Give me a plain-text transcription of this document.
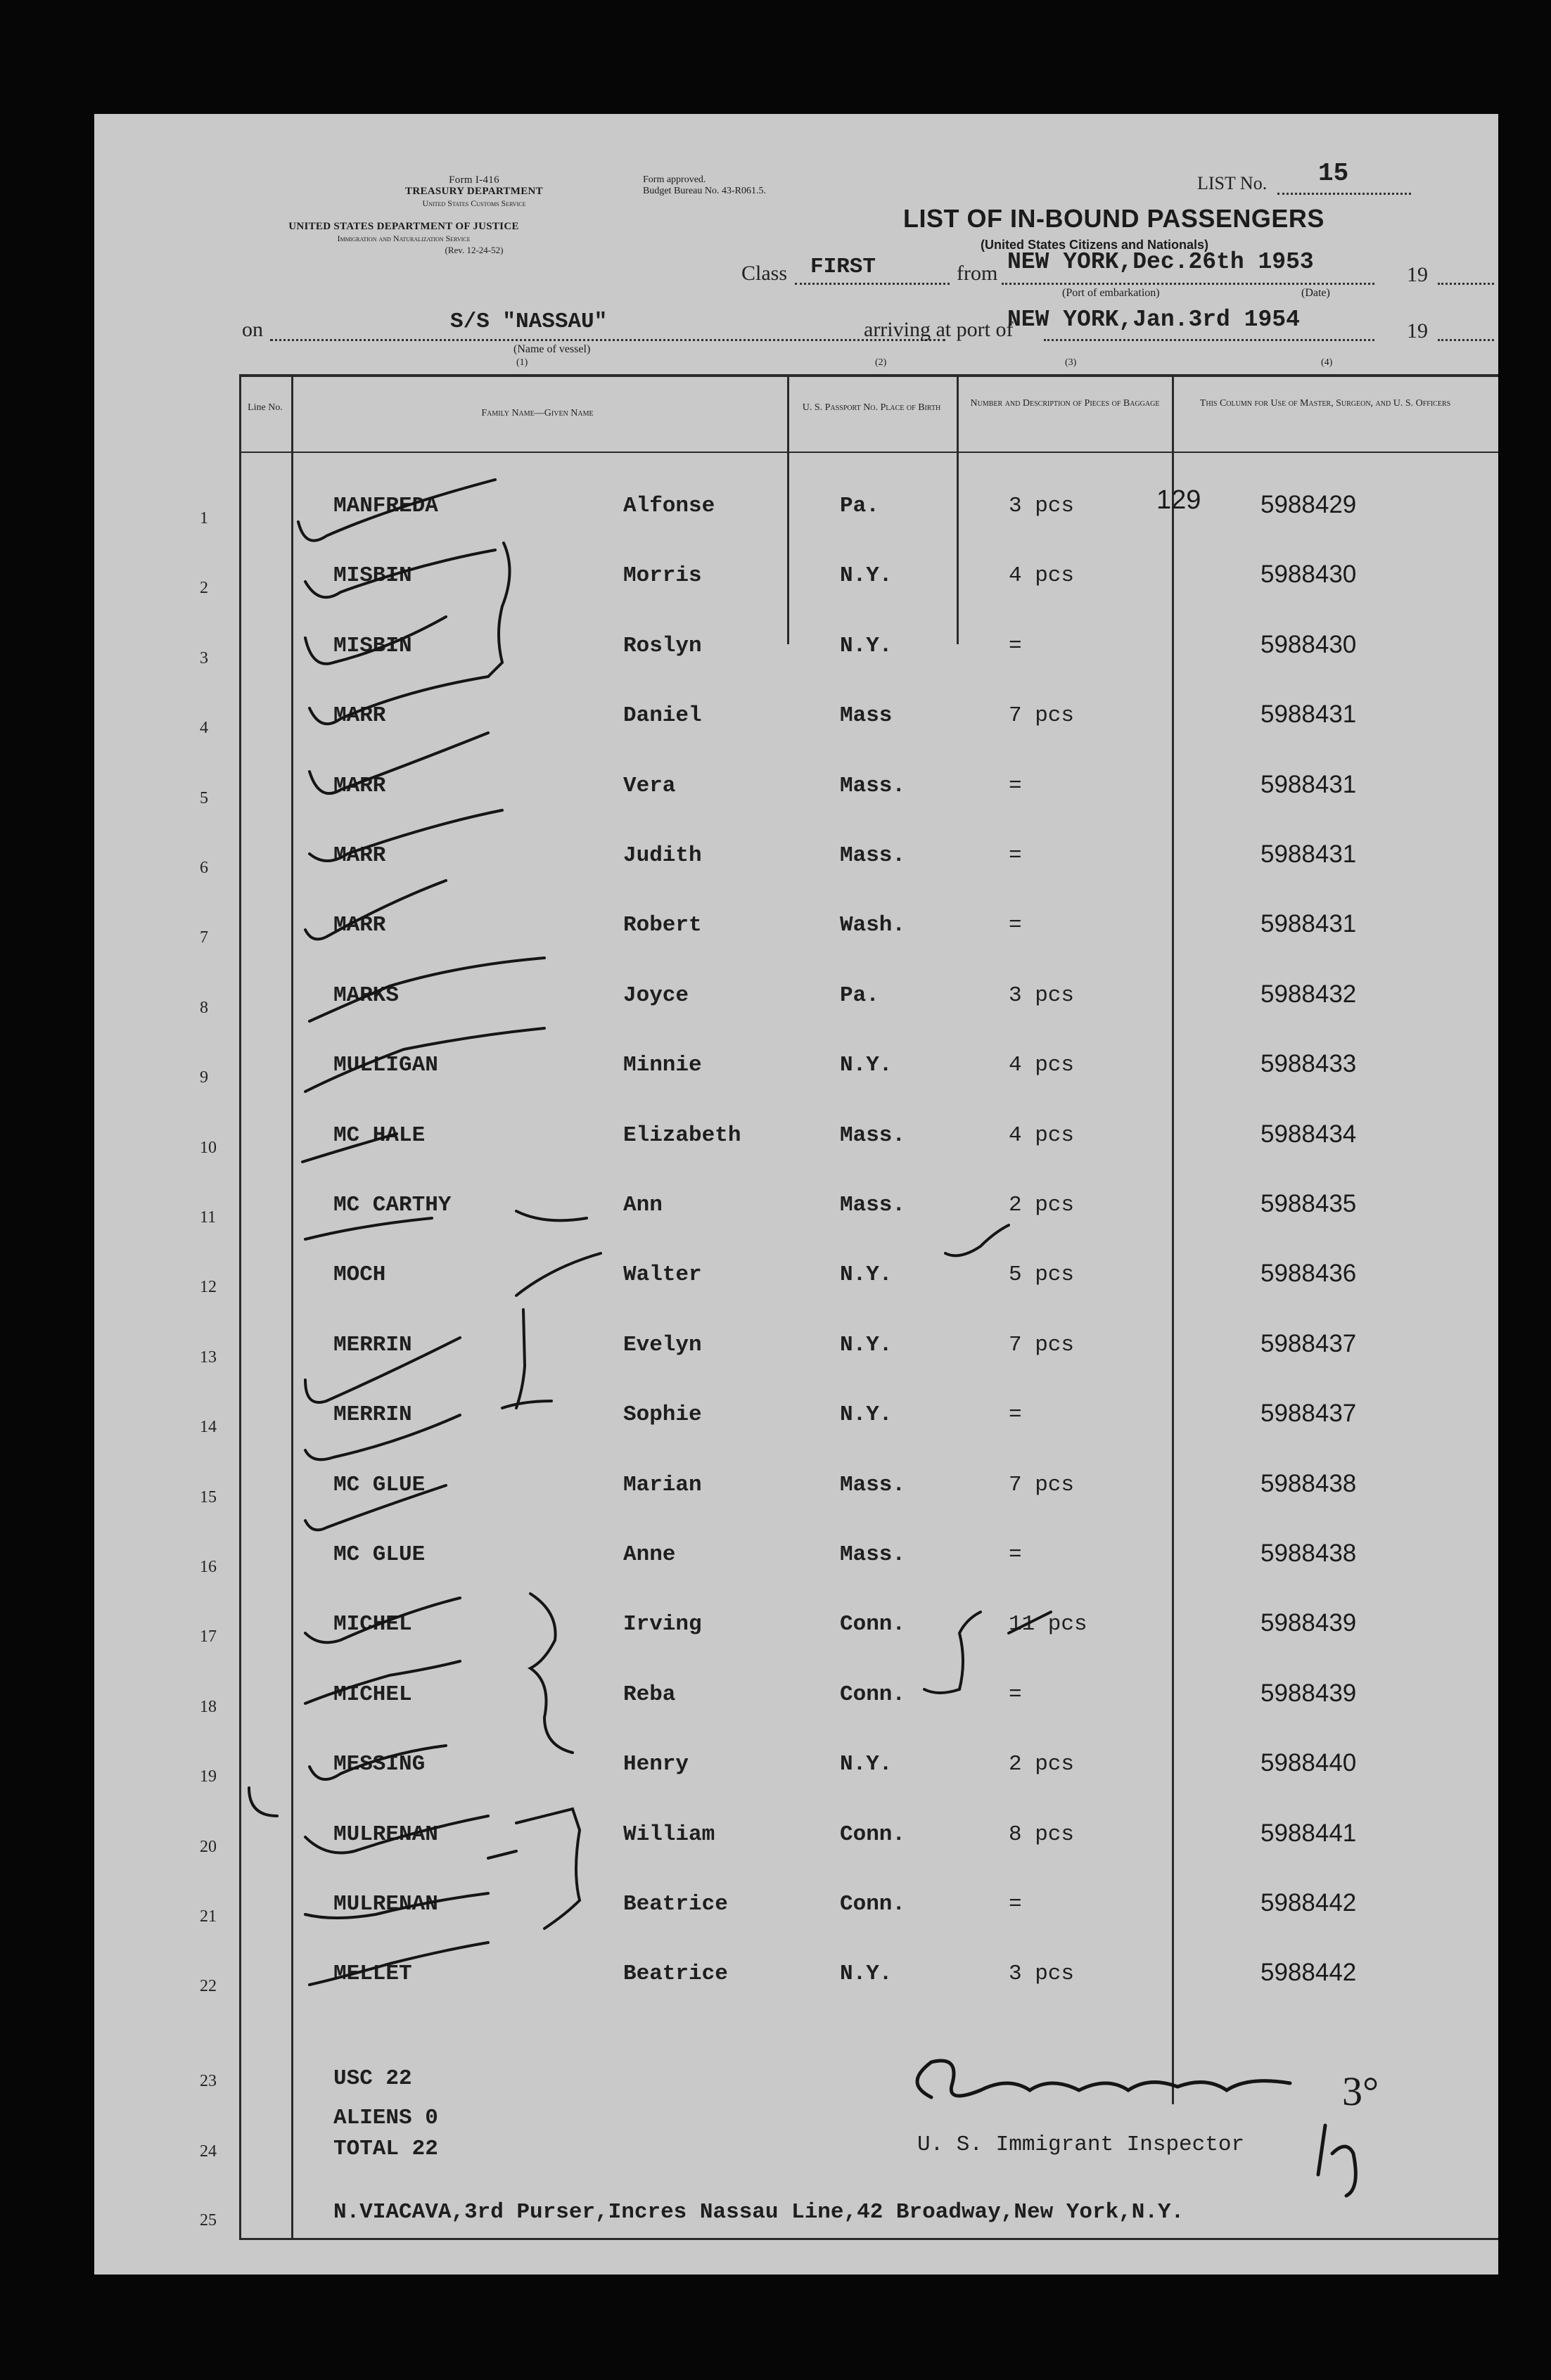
Form I-416
TREASURY DEPARTMENT
United States Customs Service
UNITED STATES DEPARTMENT OF JUSTICE
Immigration and Naturalization Service
(Rev. 12-24-52)
Form approved.
Budget Bureau No. 43-R061.5.	LIST No. 15
LIST OF IN-BOUND PASSENGERS
(United States Citizens and Nationals)
Class FIRST	from NEW YORK,Dec.26th 1953	19
(Port of embarkation)	(Date)
on	S/S "NASSAU"
(Name of vessel)
arriving at port of
NEW YORK,Jan.3rd 1954	19
(1)	(2)	(3)	(4)
Line No.
Family Name—Given Name
U. S. Passport No. Place of Birth	Number and Description of Pieces of Baggage	This Column for Use of Master, Surgeon, and U. S. Officers
1	MANFREDA	Alfonse	Pa.	3 pcs	5988429
129
2	MISBIN	Morris	N.Y.	4 pcs	5988430
3	MISBIN	Roslyn	N.Y.	=	5988430
4	MARR	Daniel	Mass	7 pcs	5988431
5	MARR	Vera	Mass.	=	5988431
6	MARR	Judith	Mass.	=	5988431
7	MARR	Robert	Wash.	=	5988431
8	MARKS	Joyce	Pa.	3 pcs	5988432
9	MULLIGAN	Minnie	N.Y.	4 pcs	5988433
10	MC HALE	Elizabeth	Mass.	4 pcs	5988434
11	MC CARTHY	Ann	Mass.	2 pcs	5988435
12	MOCH	Walter	N.Y.	5 pcs	5988436
13	MERRIN	Evelyn	N.Y.	7 pcs	5988437
14	MERRIN	Sophie	N.Y.	=	5988437
15	MC GLUE	Marian	Mass.	7 pcs	5988438
16	MC GLUE	Anne	Mass.	=	5988438
17	MICHEL	Irving	Conn.	11 pcs	5988439
18	MICHEL	Reba	Conn.	=	5988439
19	MESSING	Henry	N.Y.	2 pcs	5988440
20	MULRENAN	William	Conn.	8 pcs	5988441
21	MULRENAN	Beatrice	Conn.	=	5988442
22	MELLET	Beatrice	N.Y.	3 pcs	5988442
23
24
25
USC 22
ALIENS 0
TOTAL 22	U. S. Immigrant Inspector
N.VIACAVA,3rd Purser,Incres Nassau Line,42 Broadway,New York,N.Y.
3°
